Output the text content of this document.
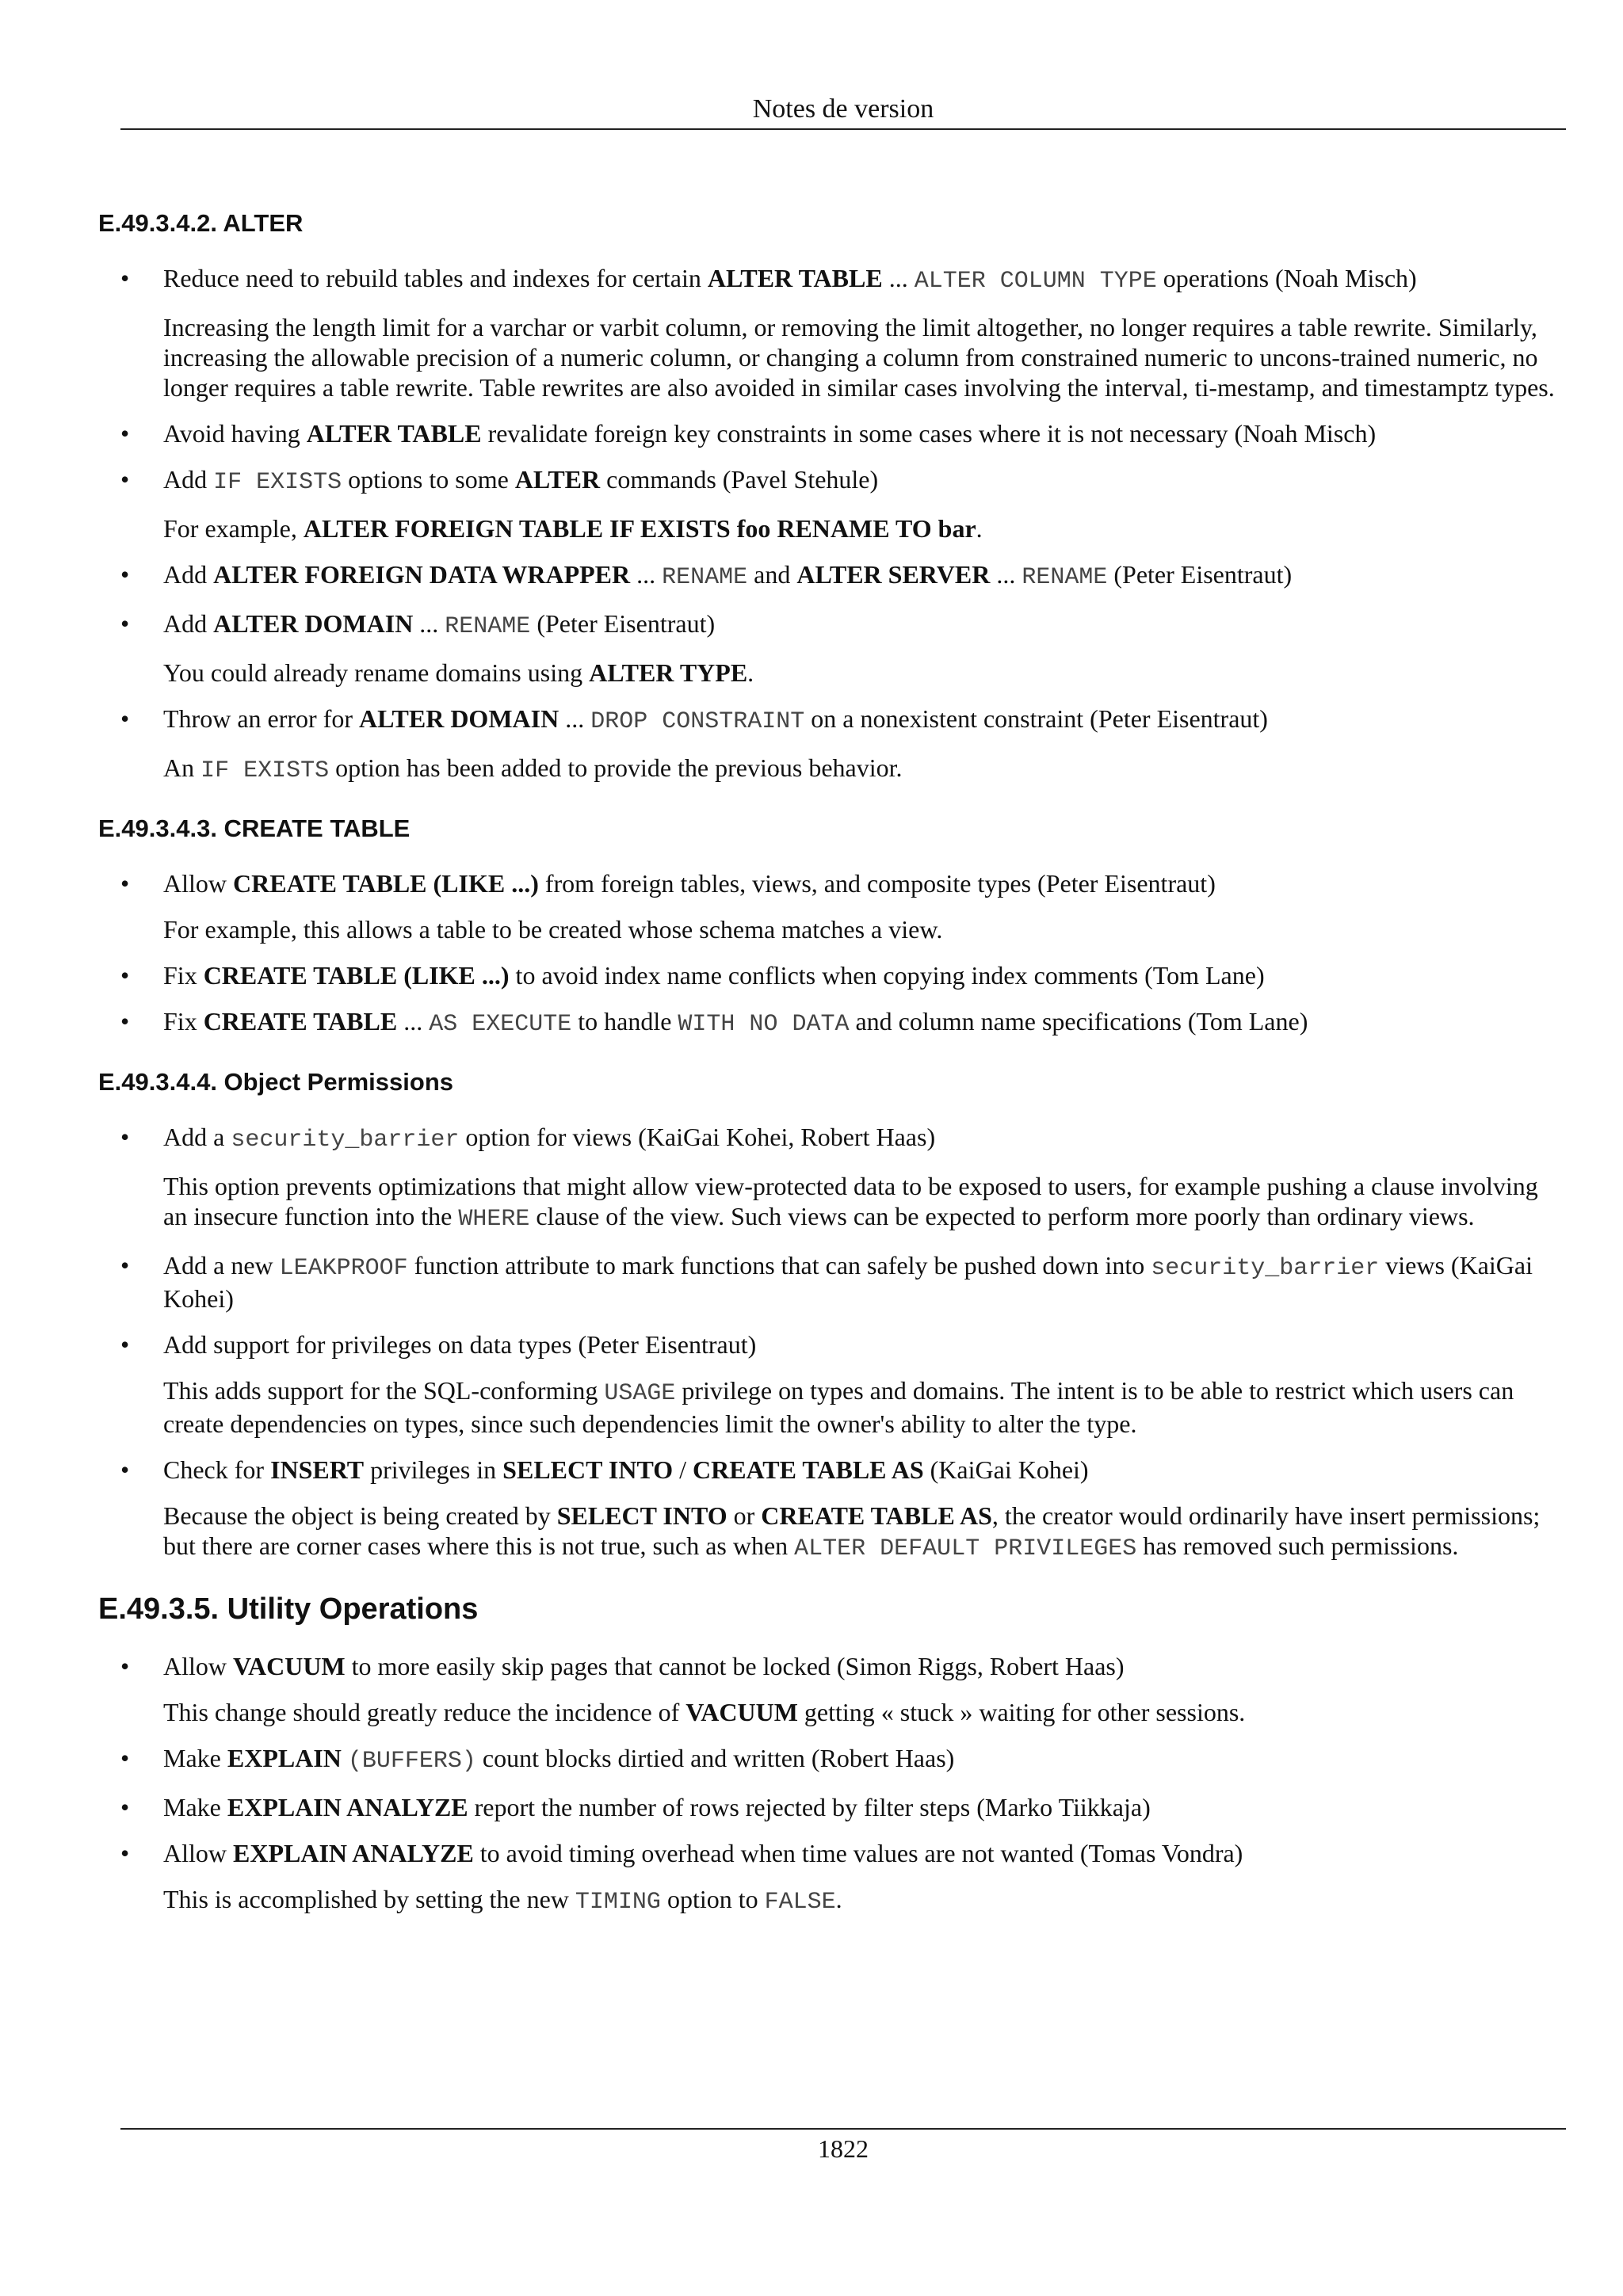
Notes de version
E.49.3.4.2. ALTER
• Reduce need to rebuild tables and indexes for certain ALTER TABLE ... ALTER COLUMN TYPE operations (Noah Misch)

Increasing the length limit for a varchar or varbit column, or removing the limit altogether, no longer requires a table rewrite. Similarly, increasing the allowable precision of a numeric column, or changing a column from constrained numeric to uncons-trained numeric, no longer requires a table rewrite. Table rewrites are also avoided in similar cases involving the interval, ti-mestamp, and timestamptz types.

• Avoid having ALTER TABLE revalidate foreign key constraints in some cases where it is not necessary (Noah Misch)

• Add IF EXISTS options to some ALTER commands (Pavel Stehule)

For example, ALTER FOREIGN TABLE IF EXISTS foo RENAME TO bar.

• Add ALTER FOREIGN DATA WRAPPER ... RENAME and ALTER SERVER ... RENAME (Peter Eisentraut)

• Add ALTER DOMAIN ... RENAME (Peter Eisentraut)

You could already rename domains using ALTER TYPE.

• Throw an error for ALTER DOMAIN ... DROP CONSTRAINT on a nonexistent constraint (Peter Eisentraut)

An IF EXISTS option has been added to provide the previous behavior.

E.49.3.4.3. CREATE TABLE
• Allow CREATE TABLE (LIKE ...) from foreign tables, views, and composite types (Peter Eisentraut)

For example, this allows a table to be created whose schema matches a view.

• Fix CREATE TABLE (LIKE ...) to avoid index name conflicts when copying index comments (Tom Lane)

• Fix CREATE TABLE ... AS EXECUTE to handle WITH NO DATA and column name specifications (Tom Lane)

E.49.3.4.4. Object Permissions
• Add a security_barrier option for views (KaiGai Kohei, Robert Haas)

This option prevents optimizations that might allow view-protected data to be exposed to users, for example pushing a clause involving an insecure function into the WHERE clause of the view. Such views can be expected to perform more poorly than ordinary views.

• Add a new LEAKPROOF function attribute to mark functions that can safely be pushed down into security_barrier views (KaiGai Kohei)

• Add support for privileges on data types (Peter Eisentraut)

This adds support for the SQL-conforming USAGE privilege on types and domains. The intent is to be able to restrict which users can create dependencies on types, since such dependencies limit the owner's ability to alter the type.

• Check for INSERT privileges in SELECT INTO / CREATE TABLE AS (KaiGai Kohei)

Because the object is being created by SELECT INTO or CREATE TABLE AS, the creator would ordinarily have insert permissions; but there are corner cases where this is not true, such as when ALTER DEFAULT PRIVILEGES has removed such permissions.

E.49.3.5. Utility Operations
• Allow VACUUM to more easily skip pages that cannot be locked (Simon Riggs, Robert Haas)

This change should greatly reduce the incidence of VACUUM getting « stuck » waiting for other sessions.

• Make EXPLAIN (BUFFERS) count blocks dirtied and written (Robert Haas)

• Make EXPLAIN ANALYZE report the number of rows rejected by filter steps (Marko Tiikkaja)

• Allow EXPLAIN ANALYZE to avoid timing overhead when time values are not wanted (Tomas Vondra)

This is accomplished by setting the new TIMING option to FALSE.

1822
